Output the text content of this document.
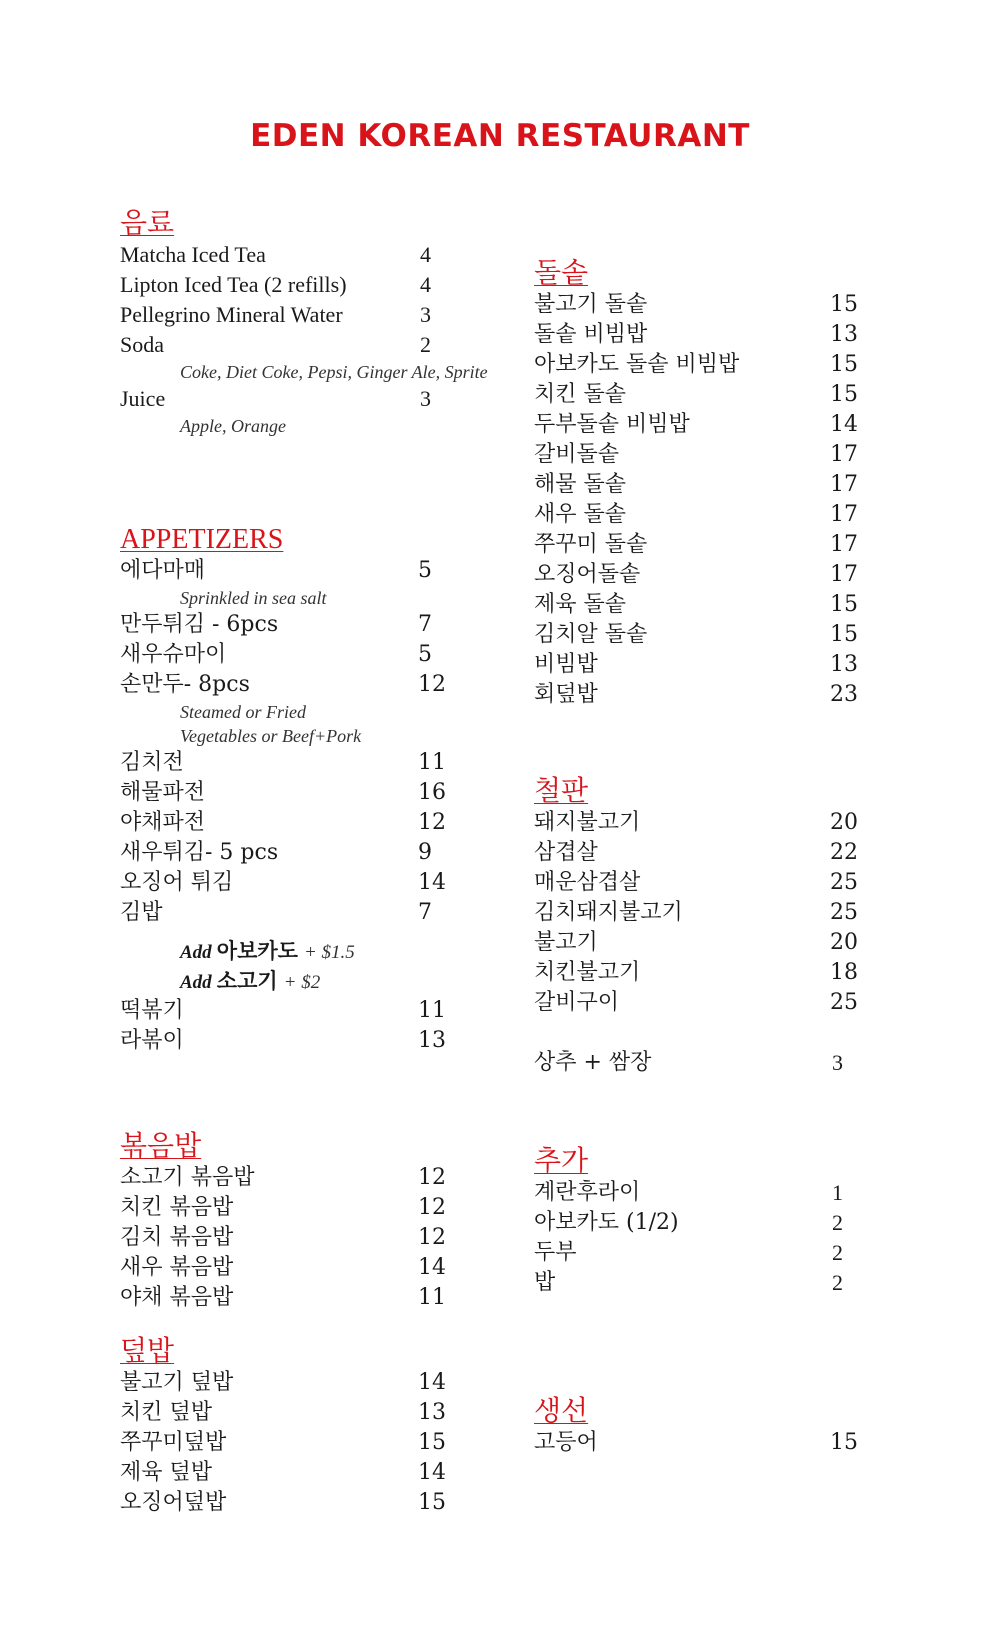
EDEN KOREAN RESTAURANT
음료
Matcha Iced Tea	4
Lipton Iced Tea (2 refills)	4
Pellegrino Mineral Water	3
Soda	2
Coke, Diet Coke, Pepsi, Ginger Ale, Sprite
Juice	3
Apple, Orange
APPETIZERS
에다마매	5
Sprinkled in sea salt
만두튀김 - 6pcs	7
새우슈마이	5
손만두- 8pcs	12
Steamed or Fried
Vegetables or Beef+Pork
김치전	11
해물파전	16
야채파전	12
새우튀김- 5 pcs	9
오징어 튀김	14
김밥	7
Add 아보카도 + $1.5
Add 소고기 + $2
떡볶기	11
라볶이	13
볶음밥
소고기 볶음밥	12
치킨 볶음밥	12
김치 볶음밥	12
새우 볶음밥	14
야채 볶음밥	11
덮밥
불고기 덮밥	14
치킨 덮밥	13
쭈꾸미덮밥	15
제육 덮밥	14
오징어덮밥	15
돌솥
불고기 돌솥	15
돌솥 비빔밥	13
아보카도 돌솥 비빔밥	15
치킨 돌솥	15
두부돌솥 비빔밥	14
갈비돌솥	17
해물 돌솥	17
새우 돌솥	17
쭈꾸미 돌솥	17
오징어돌솥	17
제육 돌솥	15
김치알 돌솥	15
비빔밥	13
회덮밥	23
철판
돼지불고기	20
삼겹살	22
매운삼겹살	25
김치돼지불고기	25
불고기	20
치킨불고기	18
갈비구이	25
상추 + 쌈장	3
추가
계란후라이	1
아보카도 (1/2)	2
두부	2
밥	2
생선
고등어	15
